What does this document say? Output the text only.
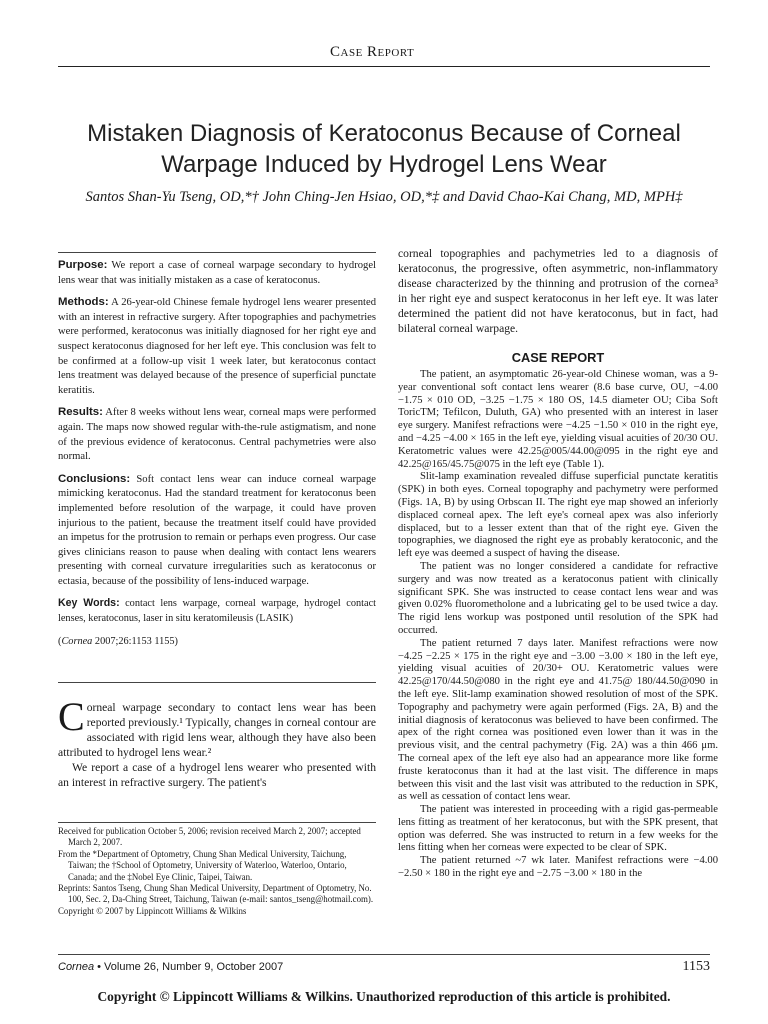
Case Report
Mistaken Diagnosis of Keratoconus Because of Corneal
Warpage Induced by Hydrogel Lens Wear
Santos Shan-Yu Tseng, OD,*† John Ching-Jen Hsiao, OD,*‡ and David Chao-Kai Chang, MD, MPH‡

Purpose: We report a case of corneal warpage secondary to hydrogel lens wear that was initially mistaken as a case of keratoconus.

Methods: A 26-year-old Chinese female hydrogel lens wearer presented with an interest in refractive surgery. After topographies and pachymetries were performed, keratoconus was initially diagnosed for her right eye and suspect keratoconus diagnosed for her left eye. This conclusion was felt to be confirmed at a follow-up visit 1 week later, but keratoconus contact lens treatment was delayed because of the presence of superficial punctate keratitis.

Results: After 8 weeks without lens wear, corneal maps were performed again. The maps now showed regular with-the-rule astigmatism, and none of the previous evidence of keratoconus. Central pachymetries were also normal.

Conclusions: Soft contact lens wear can induce corneal warpage mimicking keratoconus. Had the standard treatment for keratoconus been implemented before resolution of the warpage, it could have proven injurious to the patient, because the treatment itself could have provided an impetus for the protrusion to remain or perhaps even progress. Our case gives clinicians reason to pause when dealing with contact lens wearers presenting with corneal curvature irregularities such as keratoconus or ectasia, because of the possibility of lens-induced warpage.

Key Words: contact lens warpage, corneal warpage, hydrogel contact lenses, keratoconus, laser in situ keratomileusis (LASIK)

(Cornea 2007;26:1153 1155)

Corneal warpage secondary to contact lens wear has been reported previously.¹ Typically, changes in corneal contour are associated with rigid lens wear, although they have also been attributed to hydrogel lens wear.²

We report a case of a hydrogel lens wearer who presented with an interest in refractive surgery. The patient's

Received for publication October 5, 2006; revision received March 2, 2007; accepted March 2, 2007.

From the *Department of Optometry, Chung Shan Medical University, Taichung, Taiwan; the †School of Optometry, University of Waterloo, Waterloo, Ontario, Canada; and the ‡Nobel Eye Clinic, Taipei, Taiwan.

Reprints: Santos Tseng, Chung Shan Medical University, Department of Optometry, No. 100, Sec. 2, Da-Ching Street, Taichung, Taiwan (e-mail: santos_tseng@hotmail.com).

Copyright © 2007 by Lippincott Williams & Wilkins

corneal topographies and pachymetries led to a diagnosis of keratoconus, the progressive, often asymmetric, non-inflammatory disease characterized by the thinning and protrusion of the cornea³ in her right eye and suspect keratoconus in her left eye. It was later determined the patient did not have keratoconus, but in fact, had bilateral corneal warpage.

CASE REPORT

The patient, an asymptomatic 26-year-old Chinese woman, was a 9-year conventional soft contact lens wearer (8.6 base curve, OU, −4.00 −1.75 × 010 OD, −3.25 −1.75 × 180 OS, 14.5 diameter OU; Ciba Soft ToricTM; Tefilcon, Duluth, GA) who presented with an interest in laser eye surgery. Manifest refractions were −4.25 −1.50 × 010 in the right eye, and −4.25 −4.00 × 165 in the left eye, yielding visual acuities of 20/30 OU. Keratometric values were 42.25@005/44.00@095 in the right eye and 42.25@165/45.75@075 in the left eye (Table 1).

Slit-lamp examination revealed diffuse superficial punctate keratitis (SPK) in both eyes. Corneal topography and pachymetry were performed (Figs. 1A, B) by using Orbscan II. The right eye map showed an inferiorly displaced corneal apex. The left eye's corneal apex was also inferiorly displaced, but to a lesser extent than that of the right eye. Given the topographies, we diagnosed the right eye as probably keratoconic, and the left eye was deemed a suspect of having the disease.

The patient was no longer considered a candidate for refractive surgery and was now treated as a keratoconus patient with clinically significant SPK. She was instructed to cease contact lens wear and was given 0.02% fluorometholone and a lubricating gel to be used twice a day. The rigid lens workup was postponed until resolution of the SPK had occurred.

The patient returned 7 days later. Manifest refractions were now −4.25 −2.25 × 175 in the right eye and −3.00 −3.00 × 180 in the left eye, yielding visual acuities of 20/30+ OU. Keratometric values were 42.25@170/44.50@080 in the right eye and 41.75@ 180/44.50@090 in the left eye. Slit-lamp examination showed resolution of most of the SPK. Topography and pachymetry were again performed (Figs. 2A, B) and the initial diagnosis of keratoconus was believed to have been confirmed. The apex of the right cornea was positioned even lower than it was in the previous visit, and the central pachymetry (Fig. 2A) was a thin 466 μm. The corneal apex of the left eye also had an appearance more like forme fruste keratoconus than it had at the last visit. The difference in maps between this visit and the last visit was attributed to the reduction in SPK, as well as cessation of contact lens wear.

The patient was interested in proceeding with a rigid gas-permeable lens fitting as treatment of her keratoconus, but with the SPK present, that option was deferred. She was instructed to return in a few weeks for the lens fitting when her corneas were expected to be clear of SPK.

The patient returned ~7 wk later. Manifest refractions were −4.00 −2.50 × 180 in the right eye and −2.75 −3.00 × 180 in the

Cornea • Volume 26, Number 9, October 2007	1153
Copyright © Lippincott Williams & Wilkins. Unauthorized reproduction of this article is prohibited.
